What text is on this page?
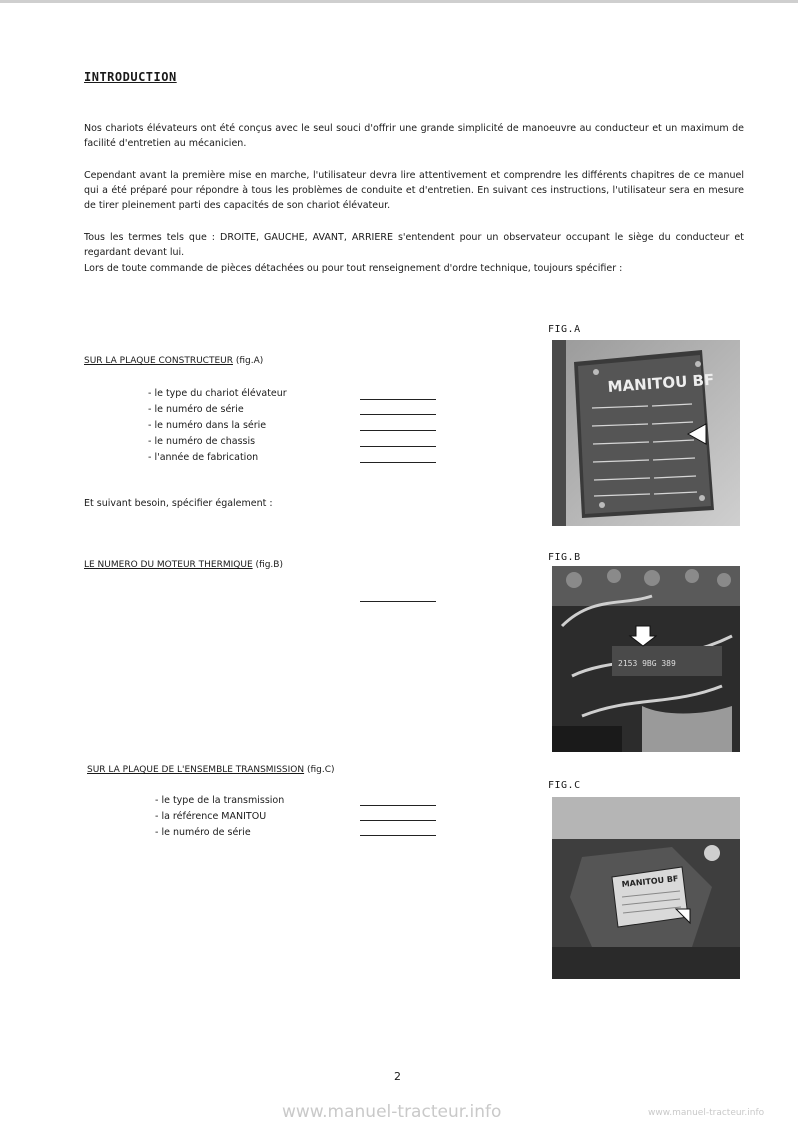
INTRODUCTION
Nos chariots élévateurs ont été conçus avec le seul souci d'offrir une grande simplicité de manoeuvre au conducteur et un maximum de facilité d'entretien au mécanicien.
Cependant avant la première mise en marche, l'utilisateur devra lire attentivement et comprendre les différents chapitres de ce manuel qui a été préparé pour répondre à tous les problèmes de conduite et d'entretien. En suivant ces instructions, l'utilisateur sera en mesure de tirer pleinement parti des capacités de son chariot élévateur.
Tous les termes tels que : DROITE, GAUCHE, AVANT, ARRIERE s'entendent pour un observateur occupant le siège du conducteur et regardant devant lui.
Lors de toute commande de pièces détachées ou pour tout renseignement d'ordre technique, toujours spécifier :
SUR LA PLAQUE CONSTRUCTEUR (fig.A)
- le type du chariot élévateur
- le numéro de série
- le numéro dans la série
- le numéro de chassis
- l'année de fabrication
Et suivant besoin, spécifier également :
LE NUMERO DU MOTEUR THERMIQUE (fig.B)
SUR LA PLAQUE DE L'ENSEMBLE TRANSMISSION (fig.C)
- le type de la transmission
- la référence MANITOU
- le numéro de série
FIG.A
MANITOU BF
FIG.B
2153 9BG 389
FIG.C
MANITOU BF
2
www.manuel-tracteur.info	www.manuel-tracteur.info
